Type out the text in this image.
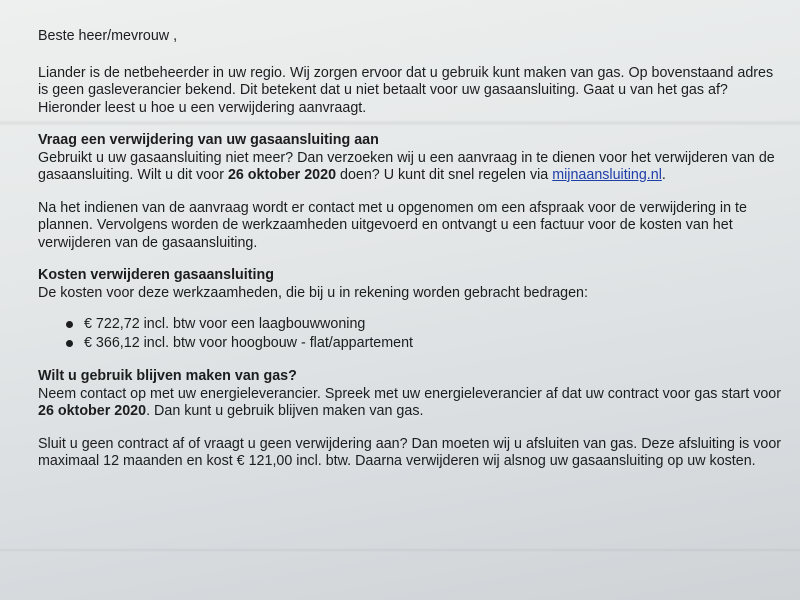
Beste heer/mevrouw ,

Liander is de netbeheerder in uw regio. Wij zorgen ervoor dat u gebruik kunt maken van gas. Op bovenstaand adres is geen gasleverancier bekend. Dit betekent dat u niet betaalt voor uw gasaansluiting. Gaat u van het gas af? Hieronder leest u hoe u een verwijdering aanvraagt.

Vraag een verwijdering van uw gasaansluiting aan

Gebruikt u uw gasaansluiting niet meer? Dan verzoeken wij u een aanvraag in te dienen voor het verwijderen van de gasaansluiting. Wilt u dit voor 26 oktober 2020 doen? U kunt dit snel regelen via mijnaansluiting.nl.

Na het indienen van de aanvraag wordt er contact met u opgenomen om een afspraak voor de verwijdering in te plannen. Vervolgens worden de werkzaamheden uitgevoerd en ontvangt u een factuur voor de kosten van het verwijderen van de gasaansluiting.

Kosten verwijderen gasaansluiting

De kosten voor deze werkzaamheden, die bij u in rekening worden gebracht bedragen:

€ 722,72 incl. btw voor een laagbouwwoning
€ 366,12 incl. btw voor hoogbouw - flat/appartement

Wilt u gebruik blijven maken van gas?

Neem contact op met uw energieleverancier. Spreek met uw energieleverancier af dat uw contract voor gas start voor 26 oktober 2020. Dan kunt u gebruik blijven maken van gas.

Sluit u geen contract af of vraagt u geen verwijdering aan? Dan moeten wij u afsluiten van gas. Deze afsluiting is voor maximaal 12 maanden en kost € 121,00 incl. btw. Daarna verwijderen wij alsnog uw gasaansluiting op uw kosten.
